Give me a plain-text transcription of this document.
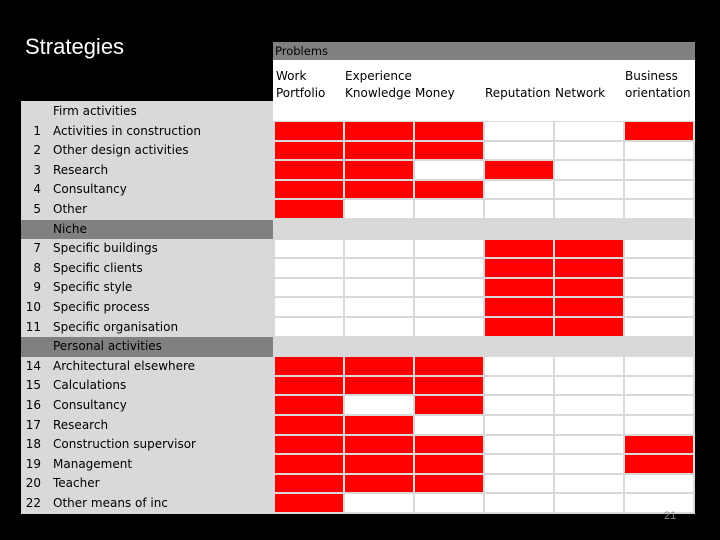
Strategies	Problems
Work
Portfolio
Experience
Knowledge
Money	
Reputation
Network
Business
orientation
Firm activities
1 Activities in construction
2 Other design activities
3 Research
4 Consultancy
5 Other
Niche
7 Specific buildings
8 Specific clients
9 Specific style
10 Specific process
11 Specific organisation
Personal activities
14 Architectural elsewhere
15 Calculations
16 Consultancy
17 Research
18 Construction supervisor
19 Management
20 Teacher
22 Other means of inc
21
